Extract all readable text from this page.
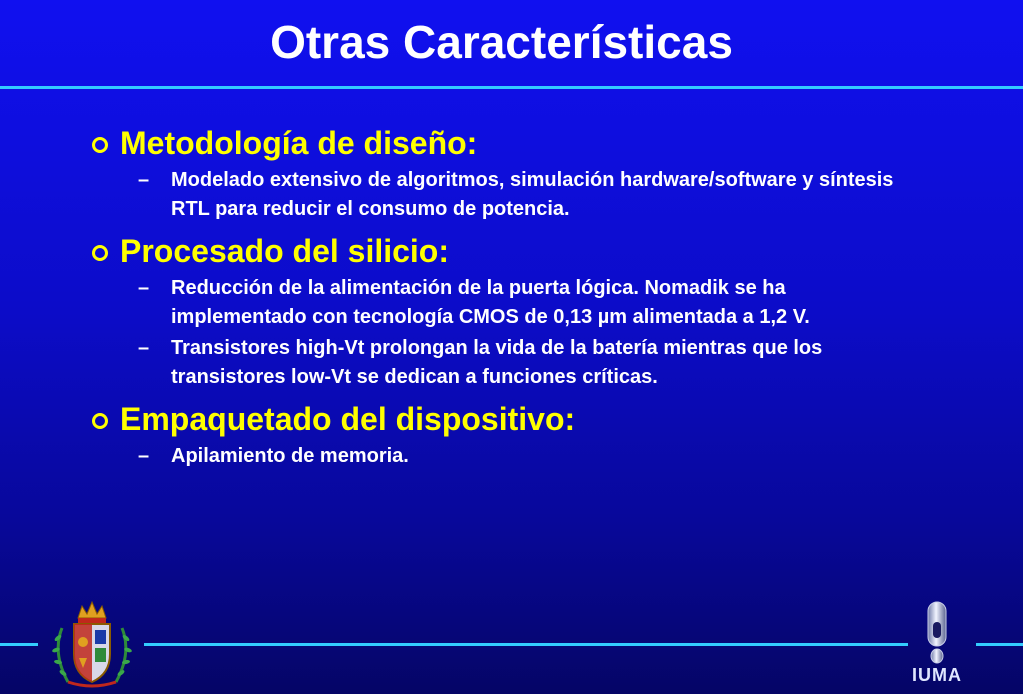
Otras Características
Metodología de diseño:
–	Modelado extensivo de algoritmos, simulación hardware/software y síntesis RTL para reducir el consumo de potencia.
Procesado del silicio:
–	Reducción de la alimentación de la puerta lógica. Nomadik se ha implementado con tecnología CMOS de 0,13 µm alimentada a 1,2 V.
–	Transistores high-Vt prolongan la vida de la batería mientras que los transistores low-Vt se dedican a funciones críticas.
Empaquetado del dispositivo:
–	Apilamiento de memoria.
IUMA
